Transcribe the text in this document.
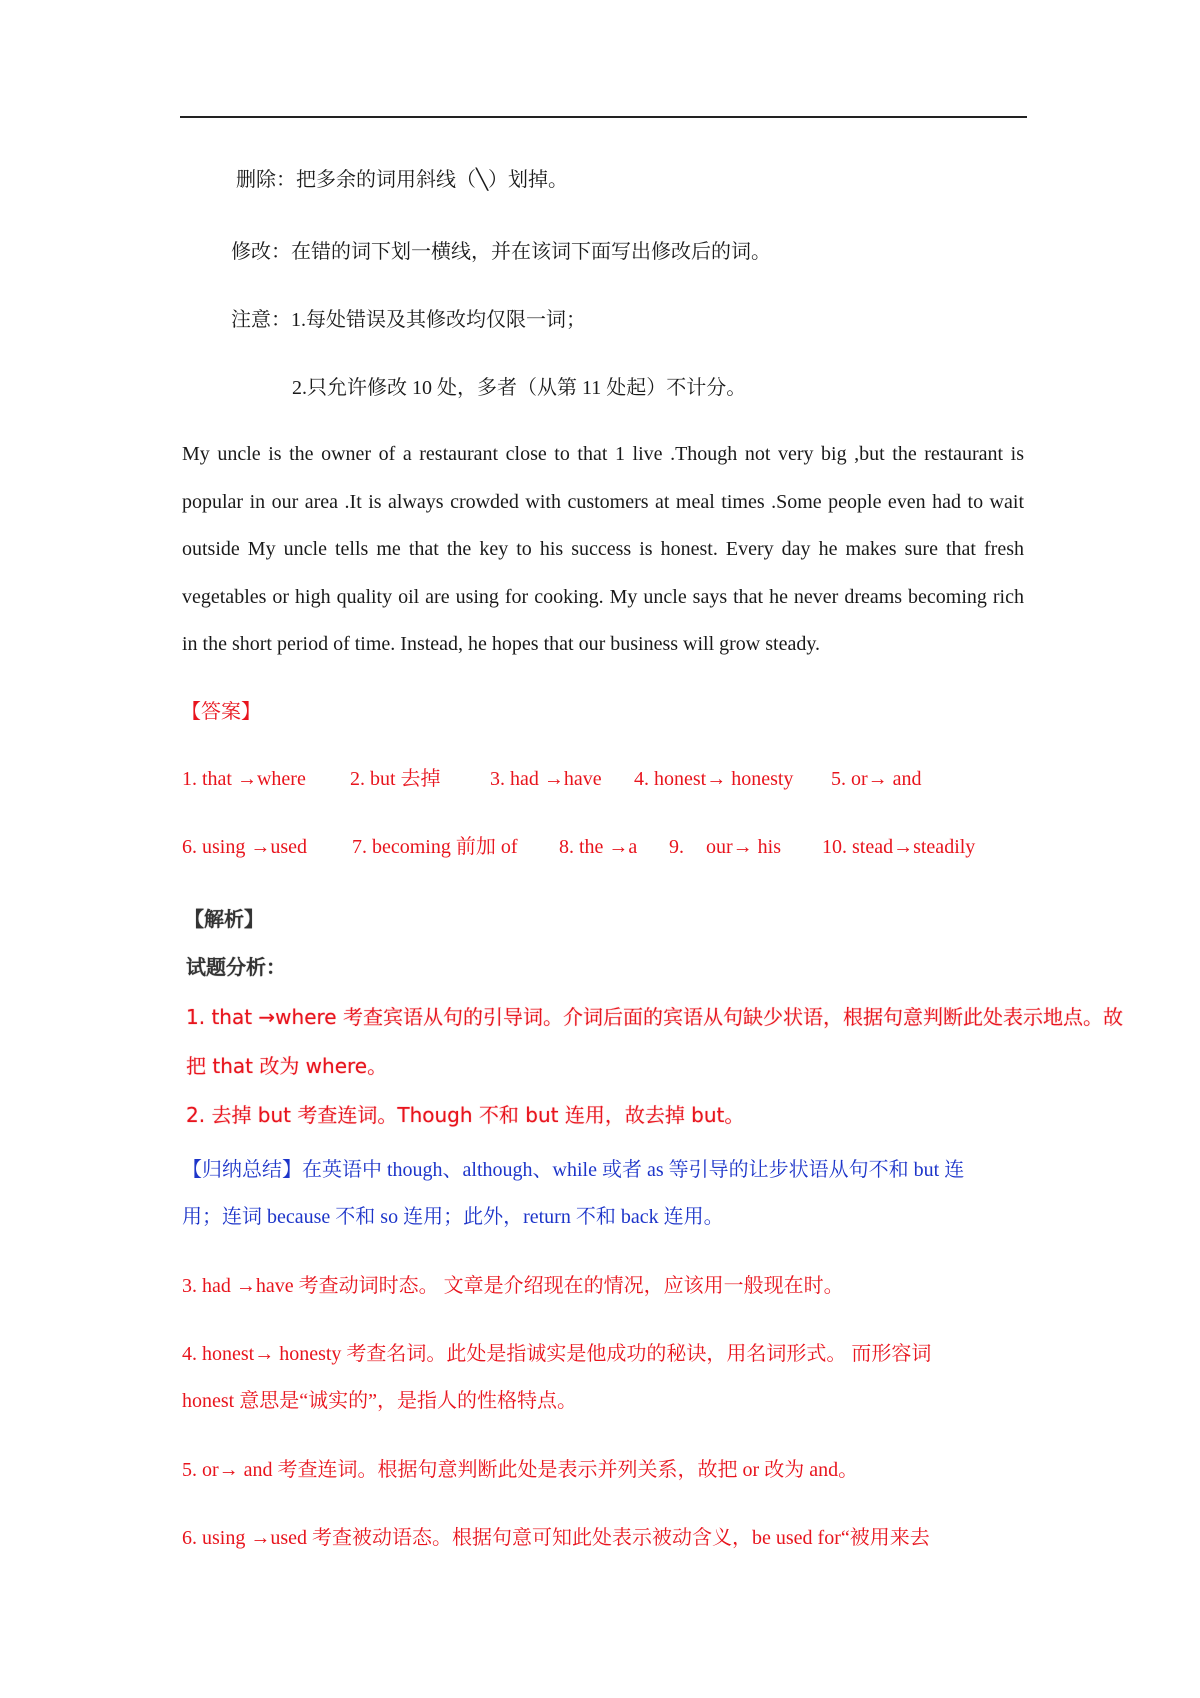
删除：把多余的词用斜线（╲）划掉。
修改：在错的词下划一横线，并在该词下面写出修改后的词。
注意：1.每处错误及其修改均仅限一词；
2.只允许修改 10 处，多者（从第 11 处起）不计分。
My uncle is the owner of a restaurant close to that 1 live .Though not very big ,but the restaurant is popular in our area .It is always crowded with customers at meal times .Some people even had to wait outside My uncle tells me that the key to his success is honest. Every day he makes sure that fresh vegetables or high quality oil are using for cooking. My uncle says that he never dreams becoming rich in the short period of time. Instead, he hopes that our business will grow steady.
【答案】
1. that →where 2. but 去掉 3. had →have 4. honest→ honesty 5. or→ and
6. using →used 7. becoming 前加 of 8. the →a 9. our→ his 10. stead→steadily
【解析】
试题分析：
1. that →where 考查宾语从句的引导词。介词后面的宾语从句缺少状语，根据句意判断此处表示地点。故
把 that 改为 where。
2. 去掉 but 考查连词。Though 不和 but 连用，故去掉 but。
【归纳总结】在英语中 though、although、while 或者 as 等引导的让步状语从句不和 but 连
用；连词 because 不和 so 连用；此外，return 不和 back 连用。
3. had →have 考查动词时态。 文章是介绍现在的情况，应该用一般现在时。
4. honest→ honesty 考查名词。此处是指诚实是他成功的秘诀，用名词形式。 而形容词
honest 意思是“诚实的”，是指人的性格特点。
5. or→ and 考查连词。根据句意判断此处是表示并列关系，故把 or 改为 and。
6. using →used 考查被动语态。根据句意可知此处表示被动含义，be used for“被用来去
